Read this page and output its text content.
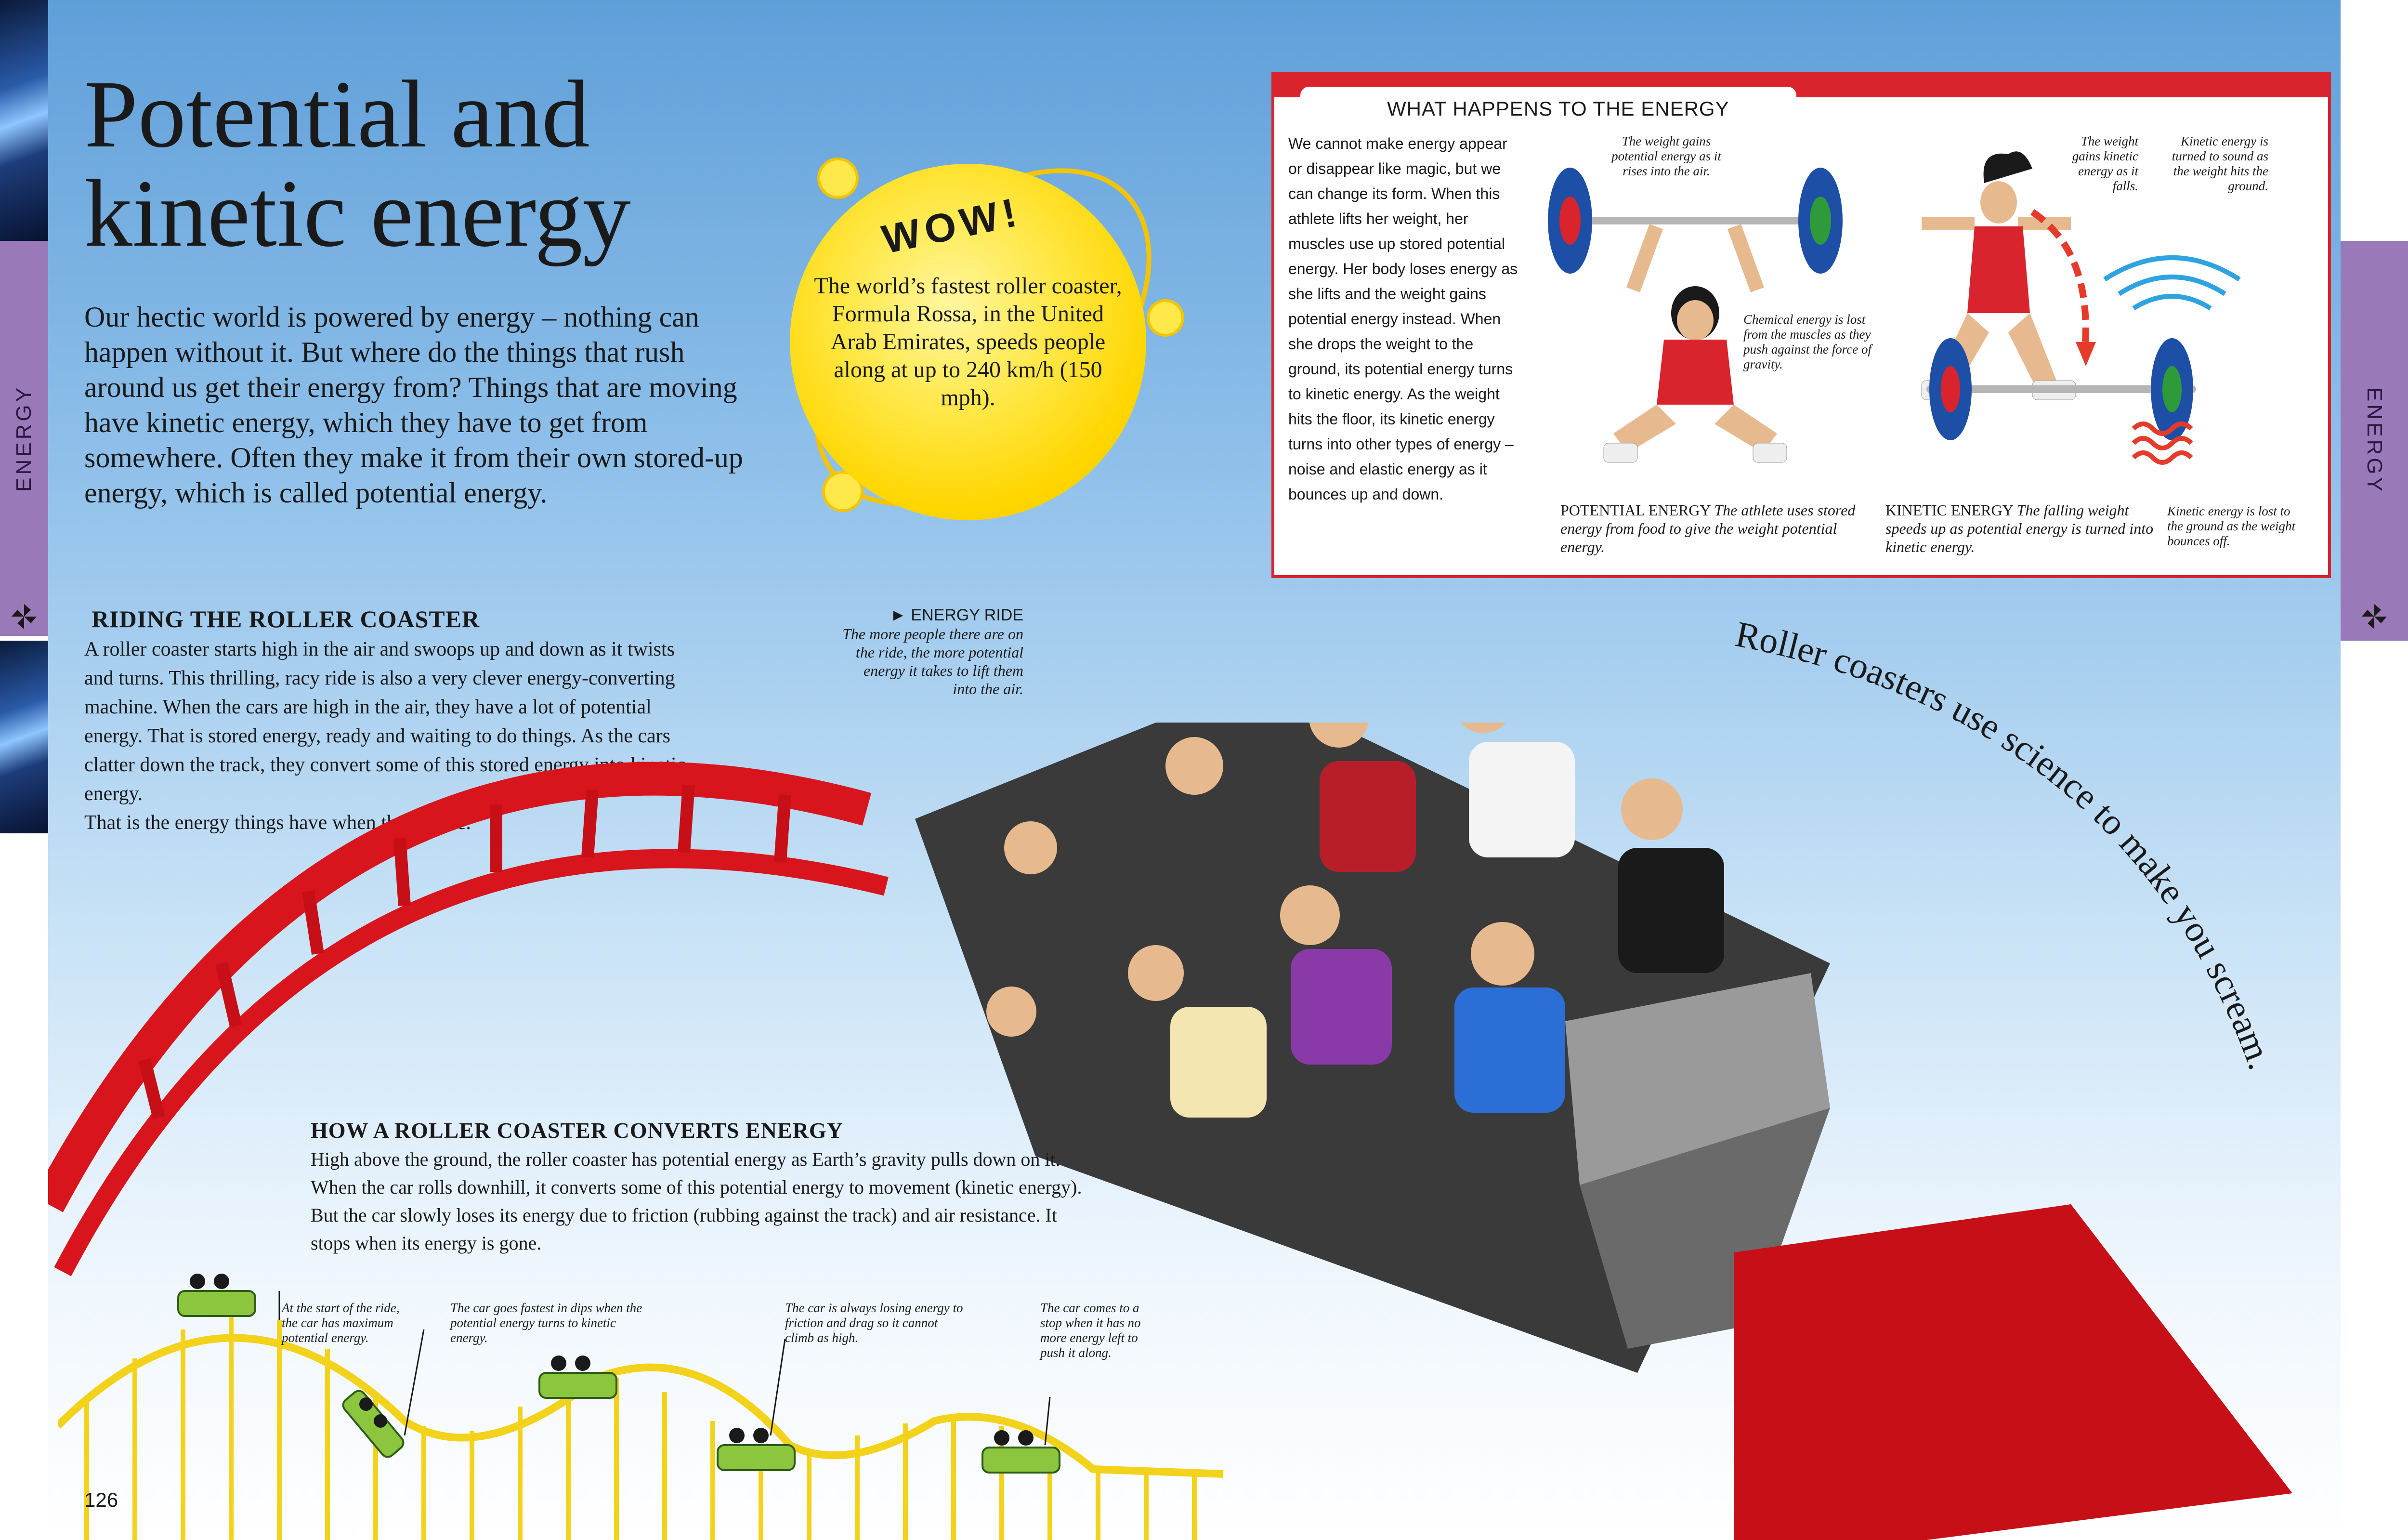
ENERGY	ENERGY
Potential and
kinetic energy
Our hectic world is powered by energy – nothing can happen without it. But where do the things that rush around us get their energy from? Things that are moving have kinetic energy, which they have to get from somewhere. Often they make it from their own stored-up energy, which is called potential energy.
WOW!
The world’s fastest roller coaster, Formula Rossa, in the United Arab Emirates, speeds people along at up to 240 km/h (150 mph).
WHAT HAPPENS TO THE ENERGY
We cannot make energy appear or disappear like magic, but we can change its form. When this athlete lifts her weight, her muscles use up stored potential energy. Her body loses energy as she lifts and the weight gains potential energy instead. When she drops the weight to the ground, its potential energy turns to kinetic energy. As the weight hits the floor, its kinetic energy turns into other types of energy – noise and elastic energy as it bounces up and down.
The weight gains potential energy as it rises into the air.
Chemical energy is lost from the muscles as they push against the force of gravity.
The weight gains kinetic energy as it falls.
Kinetic energy is turned to sound as the weight hits the ground.
Kinetic energy is lost to the ground as the weight bounces off.
POTENTIAL ENERGY The athlete uses stored energy from food to give the weight potential energy.
KINETIC ENERGY The falling weight speeds up as potential energy is turned into kinetic energy.
RIDING THE ROLLER COASTER
A roller coaster starts high in the air and swoops up and down as it twists and turns. This thrilling, racy ride is also a very clever energy-converting machine. When the cars are high in the air, they have a lot of potential energy. That is stored energy, ready and waiting to do things. As the cars clatter down the track, they convert some of this stored energy into kinetic energy.
That is the energy things have when they move.
► ENERGY RIDE
The more people there are on the ride, the more potential energy it takes to lift them into the air.
Roller coasters use science to make you scream.
HOW A ROLLER COASTER CONVERTS ENERGY
High above the ground, the roller coaster has potential energy as Earth’s gravity pulls down on it. When the car rolls downhill, it converts some of this potential energy to movement (kinetic energy). But the car slowly loses its energy due to friction (rubbing against the track) and air resistance. It stops when its energy is gone.
At the start of the ride, the car has maximum potential energy.
The car goes fastest in dips when the potential energy turns to kinetic energy.
The car is always losing energy to friction and drag so it cannot climb as high.
The car comes to a stop when it has no more energy left to push it along.
126
